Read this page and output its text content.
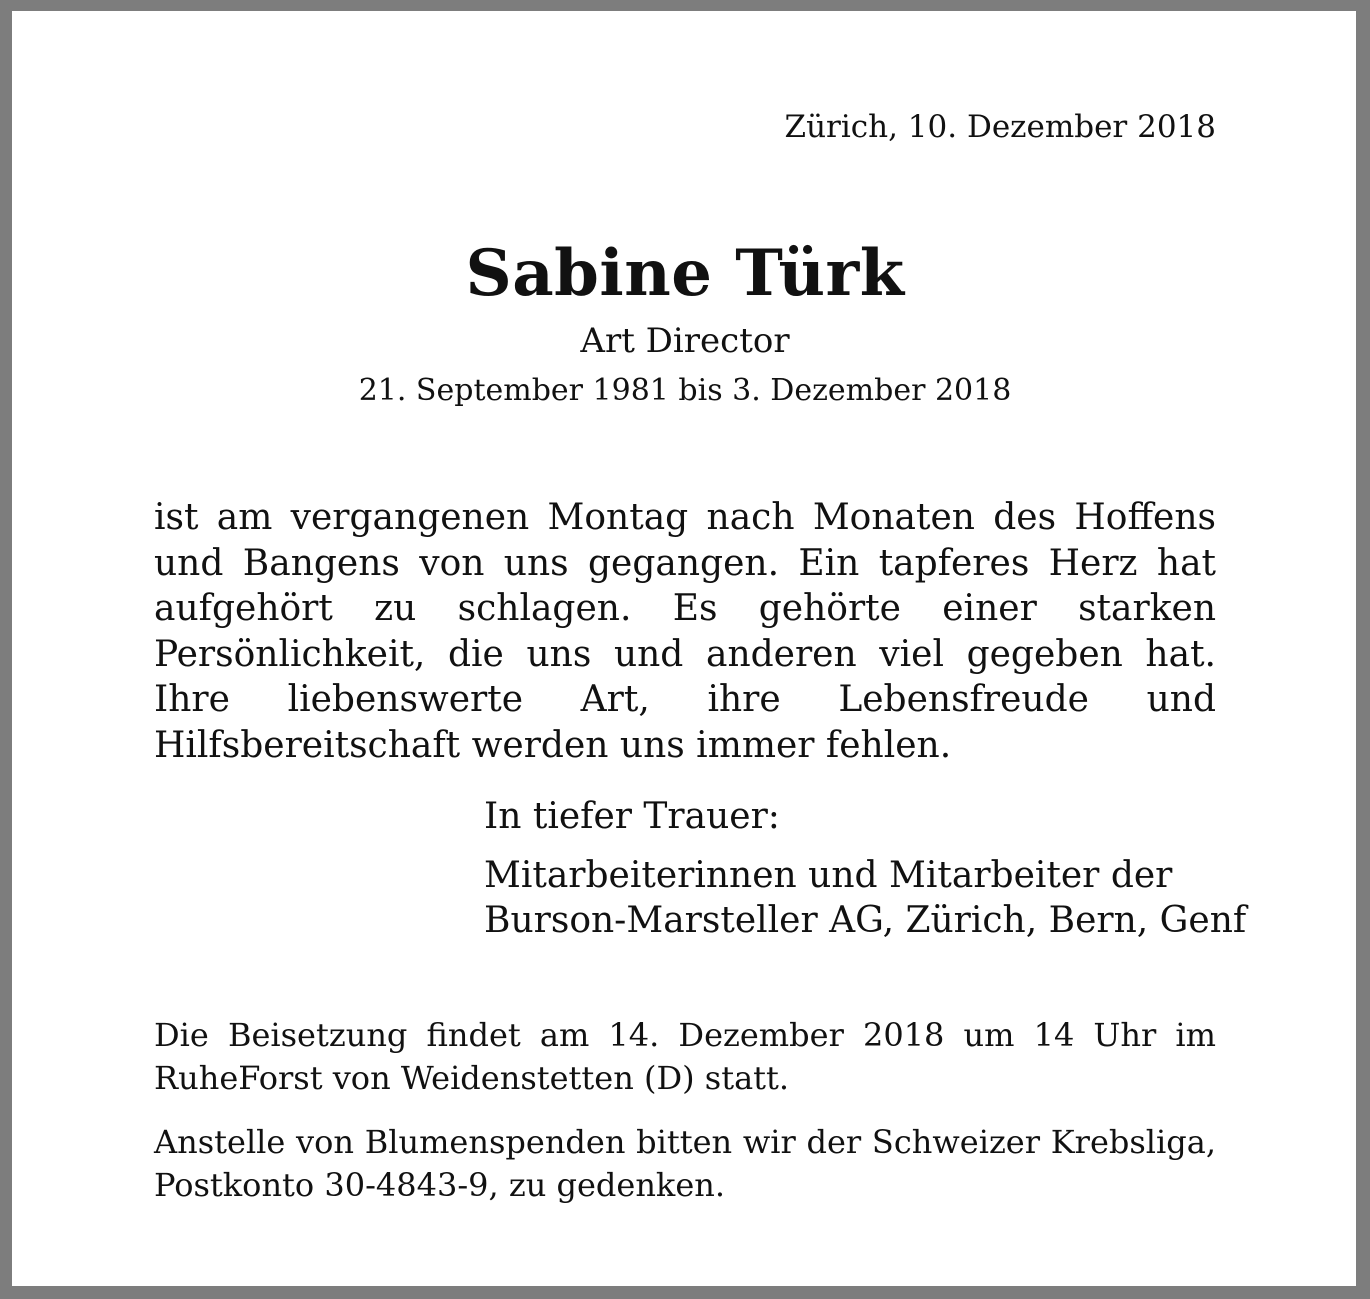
Zürich, 10. Dezember 2018
Sabine Türk
Art Director
21. September 1981 bis 3. Dezember 2018

ist am vergangenen Montag nach Monaten des Hoffens und Bangens von uns gegangen. Ein tapferes Herz hat aufgehört zu schlagen. Es gehörte einer starken Persönlichkeit, die uns und anderen viel gegeben hat. Ihre liebenswerte Art, ihre Lebensfreude und Hilfsbereitschaft werden uns immer fehlen.

In tiefer Trauer:

Mitarbeiterinnen und Mitarbeiter der
Burson-Marsteller AG, Zürich, Bern, Genf

Die Beisetzung findet am 14. Dezember 2018 um 14 Uhr im RuheForst von Weidenstetten (D) statt.

Anstelle von Blumenspenden bitten wir der Schweizer Krebsliga, Postkonto 30-4843-9, zu gedenken.
